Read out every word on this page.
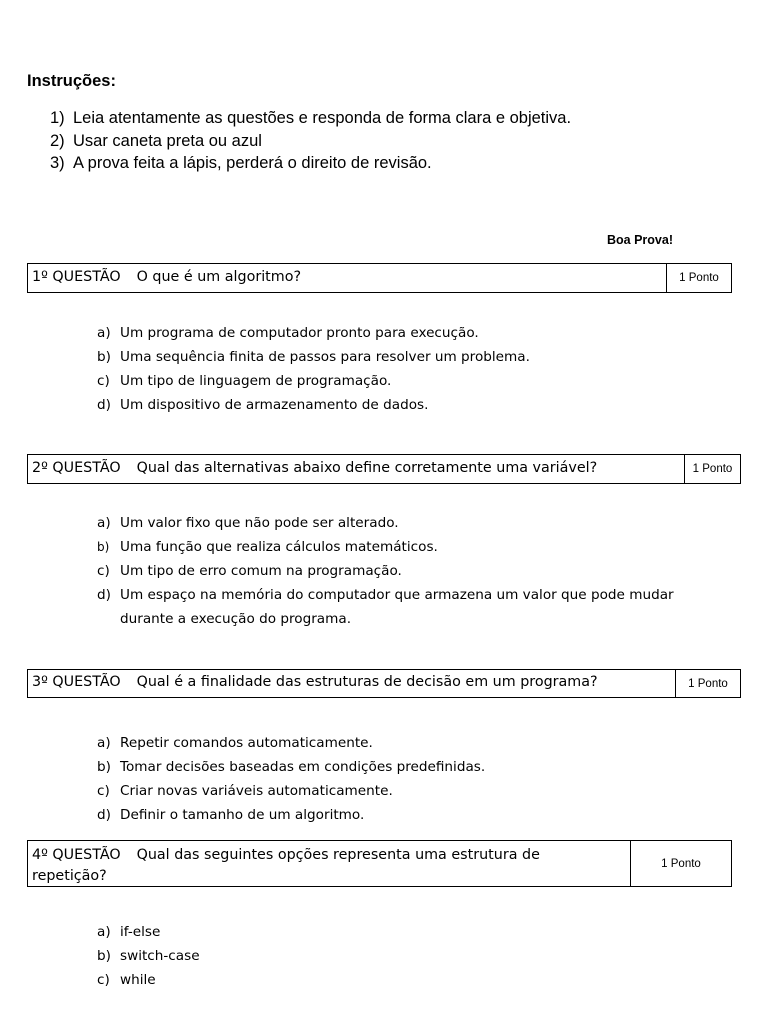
Instruções:
1) Leia atentamente as questões e responda de forma clara e objetiva.
2) Usar caneta preta ou azul
3) A prova feita a lápis, perderá o direito de revisão.
Boa Prova!
1º QUESTÃO O que é um algoritmo?	1 Ponto
a) Um programa de computador pronto para execução.
b) Uma sequência finita de passos para resolver um problema.
c) Um tipo de linguagem de programação.
d) Um dispositivo de armazenamento de dados.
2º QUESTÃO Qual das alternativas abaixo define corretamente uma variável?	1 Ponto
a) Um valor fixo que não pode ser alterado.
b) Uma função que realiza cálculos matemáticos.
c) Um tipo de erro comum na programação.
d) Um espaço na memória do computador que armazena um valor que pode mudar durante a execução do programa.
3º QUESTÃO Qual é a finalidade das estruturas de decisão em um programa?	1 Ponto
a) Repetir comandos automaticamente.
b) Tomar decisões baseadas em condições predefinidas.
c) Criar novas variáveis automaticamente.
d) Definir o tamanho de um algoritmo.
4º QUESTÃO Qual das seguintes opções representa uma estrutura de repetição?
1 Ponto
a) if-else
b) switch-case
c) while
